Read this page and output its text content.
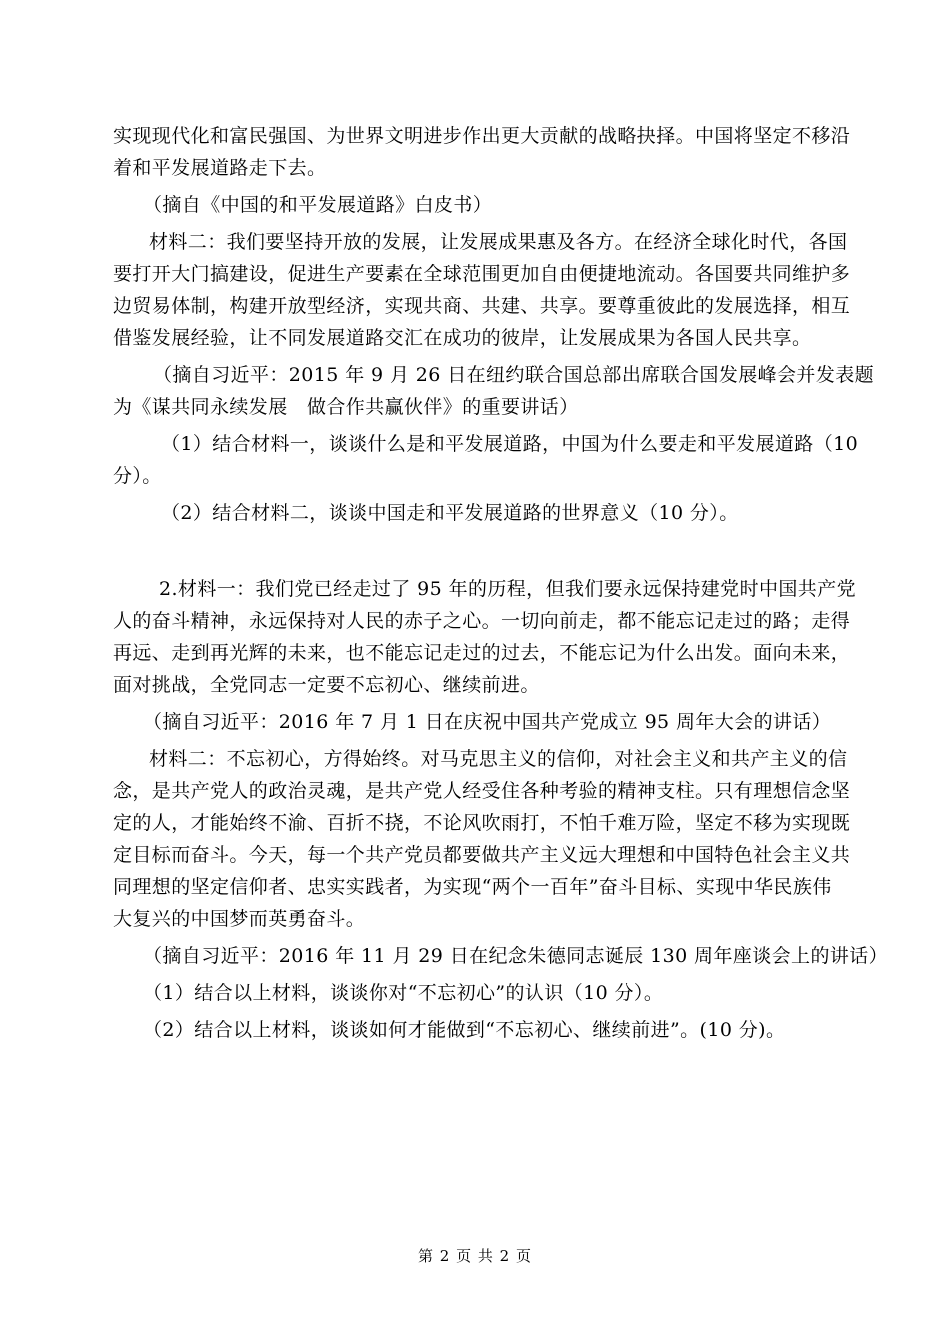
实现现代化和富民强国、为世界文明进步作出更大贡献的战略抉择。中国将坚定不移沿
着和平发展道路走下去。
（摘自《中国的和平发展道路》白皮书）
材料二：我们要坚持开放的发展，让发展成果惠及各方。在经济全球化时代，各国
要打开大门搞建设，促进生产要素在全球范围更加自由便捷地流动。各国要共同维护多
边贸易体制，构建开放型经济，实现共商、共建、共享。要尊重彼此的发展选择，相互
借鉴发展经验，让不同发展道路交汇在成功的彼岸，让发展成果为各国人民共享。
（摘自习近平：2015 年 9 月 26 日在纽约联合国总部出席联合国发展峰会并发表题
为《谋共同永续发展　做合作共赢伙伴》的重要讲话）
（1）结合材料一，谈谈什么是和平发展道路，中国为什么要走和平发展道路（10
分）。
（2）结合材料二，谈谈中国走和平发展道路的世界意义（10 分）。
2.材料一：我们党已经走过了 95 年的历程，但我们要永远保持建党时中国共产党
人的奋斗精神，永远保持对人民的赤子之心。一切向前走，都不能忘记走过的路；走得
再远、走到再光辉的未来，也不能忘记走过的过去，不能忘记为什么出发。面向未来，
面对挑战，全党同志一定要不忘初心、继续前进。
（摘自习近平：2016 年 7 月 1 日在庆祝中国共产党成立 95 周年大会的讲话）
材料二：不忘初心，方得始终。对马克思主义的信仰，对社会主义和共产主义的信
念，是共产党人的政治灵魂，是共产党人经受住各种考验的精神支柱。只有理想信念坚
定的人，才能始终不渝、百折不挠，不论风吹雨打，不怕千难万险，坚定不移为实现既
定目标而奋斗。今天，每一个共产党员都要做共产主义远大理想和中国特色社会主义共
同理想的坚定信仰者、忠实实践者，为实现“两个一百年”奋斗目标、实现中华民族伟
大复兴的中国梦而英勇奋斗。
（摘自习近平：2016 年 11 月 29 日在纪念朱德同志诞辰 130 周年座谈会上的讲话）
（1）结合以上材料，谈谈你对“不忘初心”的认识（10 分）。
（2）结合以上材料，谈谈如何才能做到“不忘初心、继续前进”。(10 分)。
第 2 页 共 2 页
